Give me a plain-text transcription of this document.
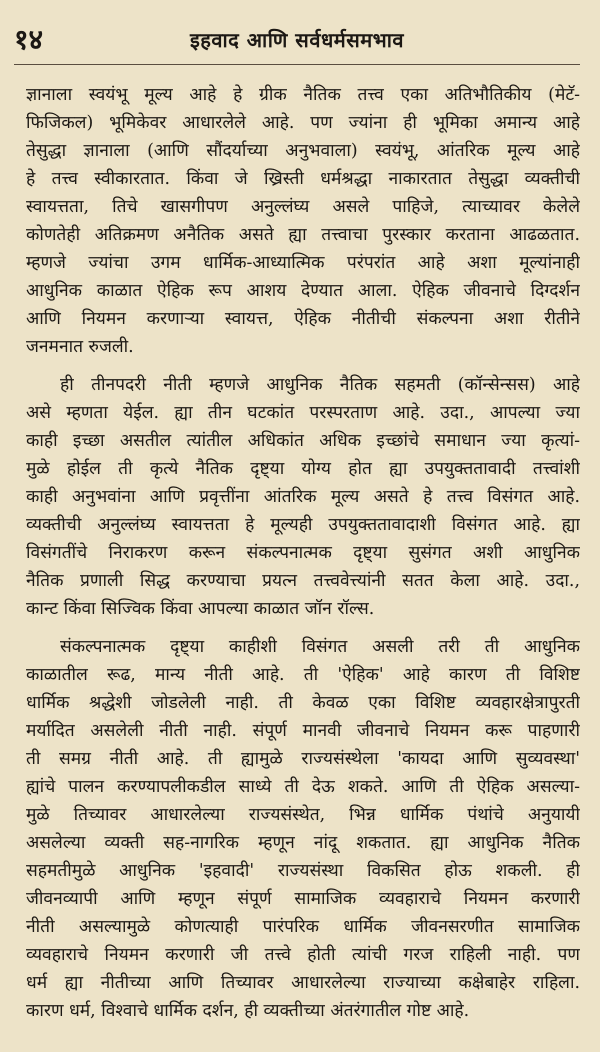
१४	इहवाद आणि सर्वधर्मसमभाव
ज्ञानाला स्वयंभू मूल्य आहे हे ग्रीक नैतिक तत्त्व एका अतिभौतिकीय (मेटॅ-
फिजिकल) भूमिकेवर आधारलेले आहे. पण ज्यांना ही भूमिका अमान्य आहे
तेसुद्धा ज्ञानाला (आणि सौंदर्याच्या अनुभवाला) स्वयंभू, आंतरिक मूल्य आहे
हे तत्त्व स्वीकारतात. किंवा जे ख्रिस्ती धर्मश्रद्धा नाकारतात तेसुद्धा व्यक्तीची
स्वायत्तता, तिचे खासगीपण अनुल्लंघ्य असले पाहिजे, त्याच्यावर केलेले
कोणतेही अतिक्रमण अनैतिक असते ह्या तत्त्वाचा पुरस्कार करताना आढळतात.
म्हणजे ज्यांचा उगम धार्मिक-आध्यात्मिक परंपरांत आहे अशा मूल्यांनाही
आधुनिक काळात ऐहिक रूप आशय देण्यात आला. ऐहिक जीवनाचे दिग्दर्शन
आणि नियमन करणाऱ्या स्वायत्त, ऐहिक नीतीची संकल्पना अशा रीतीने
जनमनात रुजली.
ही तीनपदरी नीती म्हणजे आधुनिक नैतिक सहमती (कॉन्सेन्सस) आहे
असे म्हणता येईल. ह्या तीन घटकांत परस्परताण आहे. उदा., आपल्या ज्या
काही इच्छा असतील त्यांतील अधिकांत अधिक इच्छांचे समाधान ज्या कृत्यां-
मुळे होईल ती कृत्ये नैतिक दृष्ट्या योग्य होत ह्या उपयुक्ततावादी तत्त्वांशी
काही अनुभवांना आणि प्रवृत्तींना आंतरिक मूल्य असते हे तत्त्व विसंगत आहे.
व्यक्तीची अनुल्लंघ्य स्वायत्तता हे मूल्यही उपयुक्ततावादाशी विसंगत आहे. ह्या
विसंगतींचे निराकरण करून संकल्पनात्मक दृष्ट्या सुसंगत अशी आधुनिक
नैतिक प्रणाली सिद्ध करण्याचा प्रयत्न तत्त्ववेत्त्यांनी सतत केला आहे. उदा.,
कान्ट किंवा सिज्विक किंवा आपल्या काळात जॉन रॉल्स.
संकल्पनात्मक दृष्ट्या काहीशी विसंगत असली तरी ती आधुनिक
काळातील रूढ, मान्य नीती आहे. ती 'ऐहिक' आहे कारण ती विशिष्ट
धार्मिक श्रद्धेशी जोडलेली नाही. ती केवळ एका विशिष्ट व्यवहारक्षेत्रापुरती
मर्यादित असलेली नीती नाही. संपूर्ण मानवी जीवनाचे नियमन करू पाहणारी
ती समग्र नीती आहे. ती ह्यामुळे राज्यसंस्थेला 'कायदा आणि सुव्यवस्था'
ह्यांचे पालन करण्यापलीकडील साध्ये ती देऊ शकते. आणि ती ऐहिक असल्या-
मुळे तिच्यावर आधारलेल्या राज्यसंस्थेत, भिन्न धार्मिक पंथांचे अनुयायी
असलेल्या व्यक्ती सह-नागरिक म्हणून नांदू शकतात. ह्या आधुनिक नैतिक
सहमतीमुळे आधुनिक 'इहवादी' राज्यसंस्था विकसित होऊ शकली. ही
जीवनव्यापी आणि म्हणून संपूर्ण सामाजिक व्यवहाराचे नियमन करणारी
नीती असल्यामुळे कोणत्याही पारंपरिक धार्मिक जीवनसरणीत सामाजिक
व्यवहाराचे नियमन करणारी जी तत्त्वे होती त्यांची गरज राहिली नाही. पण
धर्म ह्या नीतीच्या आणि तिच्यावर आधारलेल्या राज्याच्या कक्षेबाहेर राहिला.
कारण धर्म, विश्वाचे धार्मिक दर्शन, ही व्यक्तीच्या अंतरंगातील गोष्ट आहे.
